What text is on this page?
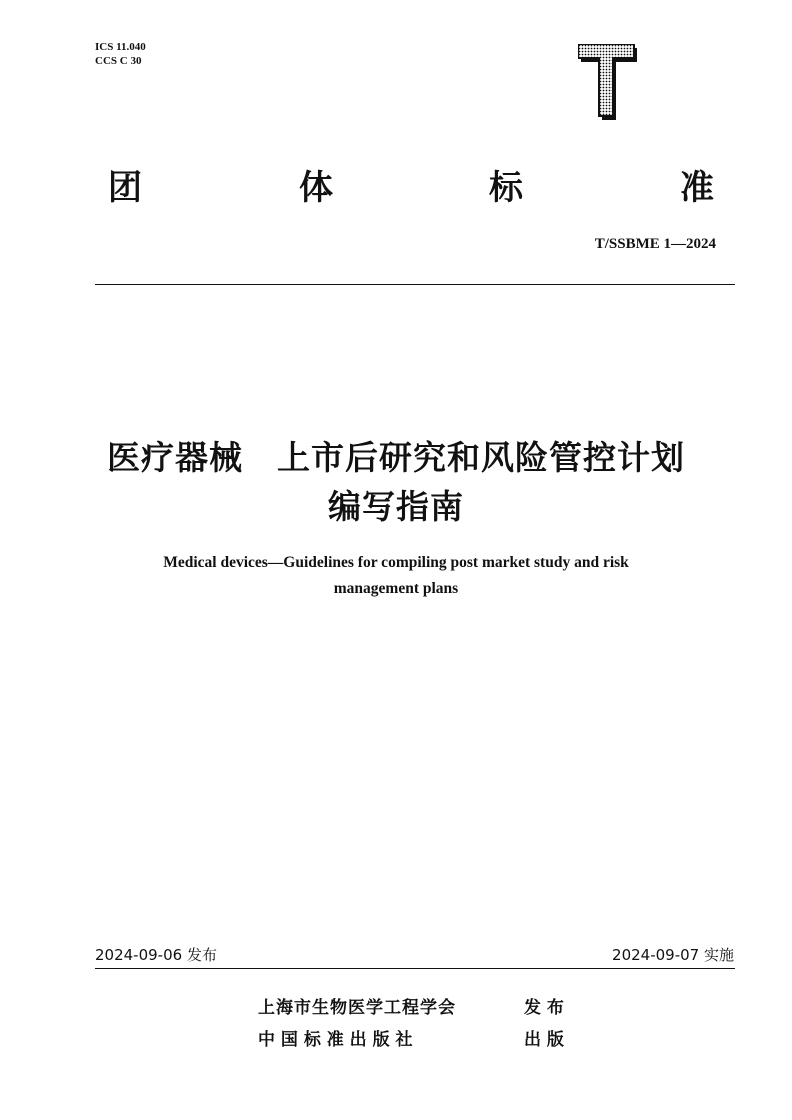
ICS 11.040
CCS C 30
团	体	标	准
T/SSBME 1—2024
医疗器械　上市后研究和风险管控计划
编写指南
Medical devices—Guidelines for compiling post market study and risk
management plans
2024-09-06 发布	2024-09-07 实施
上海市生物医学工程学会	发 布
中 国 标 准 出 版 社	出 版
